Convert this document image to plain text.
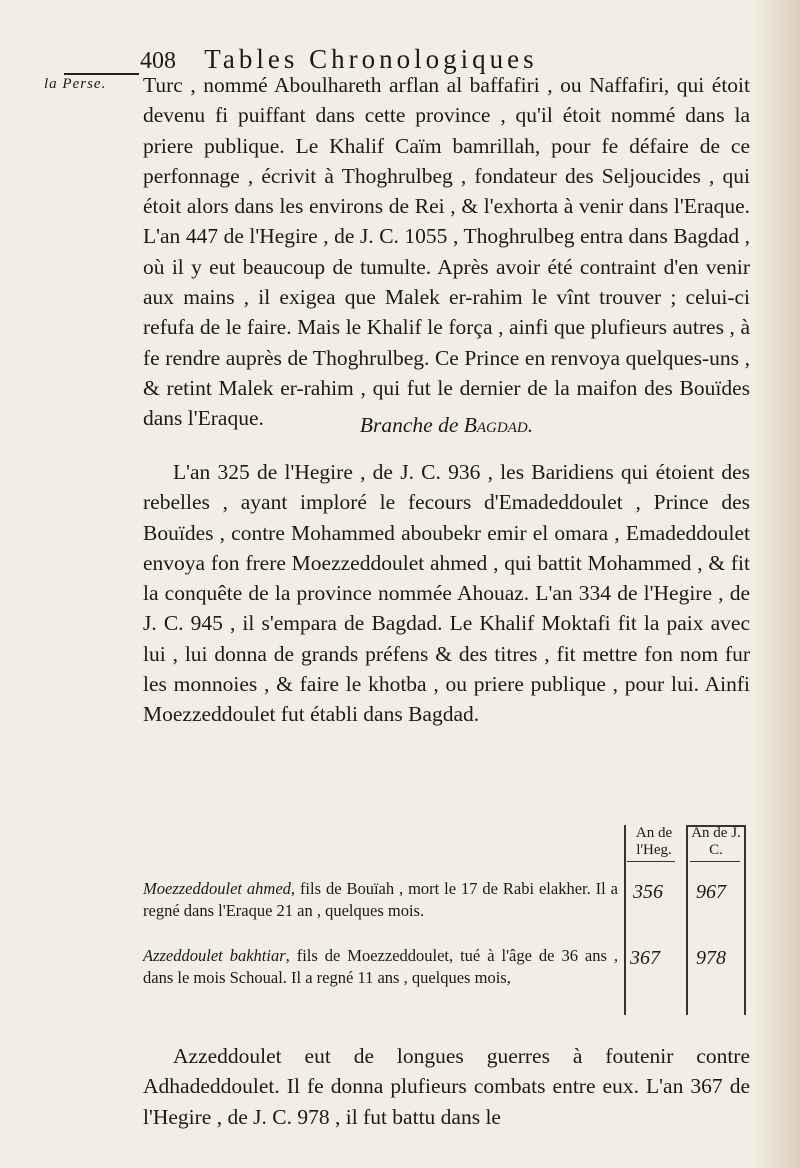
408 Tables Chronologiques
la Perse.	Turc , nommé Aboulhareth arflan al baffafiri , ou Naffafiri, qui étoit devenu fi puiffant dans cette province , qu'il étoit nommé dans la priere publique. Le Khalif Caïm bamrillah, pour fe défaire de ce perfonnage , écrivit à Thoghrulbeg , fondateur des Seljoucides , qui étoit alors dans les environs de Rei , & l'exhorta à venir dans l'Eraque. L'an 447 de l'Hegire , de J. C. 1055 , Thoghrulbeg entra dans Bagdad , où il y eut beaucoup de tumulte. Après avoir été contraint d'en venir aux mains , il exigea que Malek er-rahim le vînt trouver ; celui-ci refufa de le faire. Mais le Khalif le força , ainfi que plufieurs autres , à fe rendre auprès de Thoghrulbeg. Ce Prince en renvoya quelques-uns , & retint Malek er-rahim , qui fut le dernier de la maifon des Bouïdes dans l'Eraque.	Branche de Bagdad.
L'an 325 de l'Hegire , de J. C. 936 , les Baridiens qui étoient des rebelles , ayant imploré le fecours d'Emadeddoulet , Prince des Bouïdes , contre Mohammed aboubekr emir el omara , Emadeddoulet envoya fon frere Moezzeddoulet ahmed , qui battit Mohammed , & fit la conquête de la province nommée Ahouaz. L'an 334 de l'Hegire , de J. C. 945 , il s'empara de Bagdad. Le Khalif Moktafi fit la paix avec lui , lui donna de grands préfens & des titres , fit mettre fon nom fur les monnoies , & faire le khotba , ou priere publique , pour lui. Ainfi Moezzeddoulet fut établi dans Bagdad.
An de l'Heg.
An de J. C.
Moezzeddoulet ahmed, fils de Bouïah , mort le 17 de Rabi elakher. Il a regné dans l'Eraque 21 an , quelques mois.
356 967
Azzeddoulet bakhtiar, fils de Moezzeddoulet, tué à l'âge de 36 ans , dans le mois Schoual. Il a regné 11 ans , quelques mois,
367 978
Azzeddoulet eut de longues guerres à foutenir contre Adhadeddoulet. Il fe donna plufieurs combats entre eux. L'an 367 de l'Hegire , de J. C. 978 , il fut battu dans le
